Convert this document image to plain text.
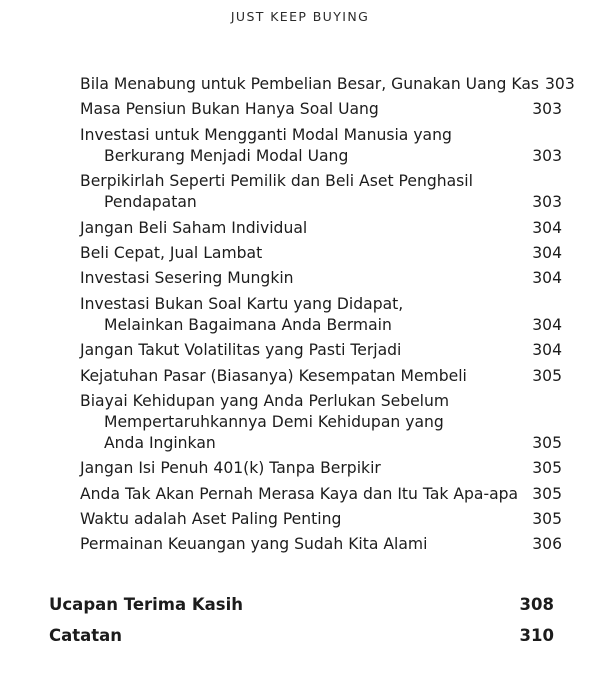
JUST KEEP BUYING
Bila Menabung untuk Pembelian Besar, Gunakan Uang Kas 303
Masa Pensiun Bukan Hanya Soal Uang	303
Investasi untuk Mengganti Modal Manusia yang
Berkurang Menjadi Modal Uang	303
Berpikirlah Seperti Pemilik dan Beli Aset Penghasil
Pendapatan	303
Jangan Beli Saham Individual	304
Beli Cepat, Jual Lambat	304
Investasi Sesering Mungkin	304
Investasi Bukan Soal Kartu yang Didapat,
Melainkan Bagaimana Anda Bermain	304
Jangan Takut Volatilitas yang Pasti Terjadi	304
Kejatuhan Pasar (Biasanya) Kesempatan Membeli	305
Biayai Kehidupan yang Anda Perlukan Sebelum
Mempertaruhkannya Demi Kehidupan yang
Anda Inginkan	305
Jangan Isi Penuh 401(k) Tanpa Berpikir	305
Anda Tak Akan Pernah Merasa Kaya dan Itu Tak Apa-apa 305
Waktu adalah Aset Paling Penting	305
Permainan Keuangan yang Sudah Kita Alami	306
Ucapan Terima Kasih	308
Catatan	310
